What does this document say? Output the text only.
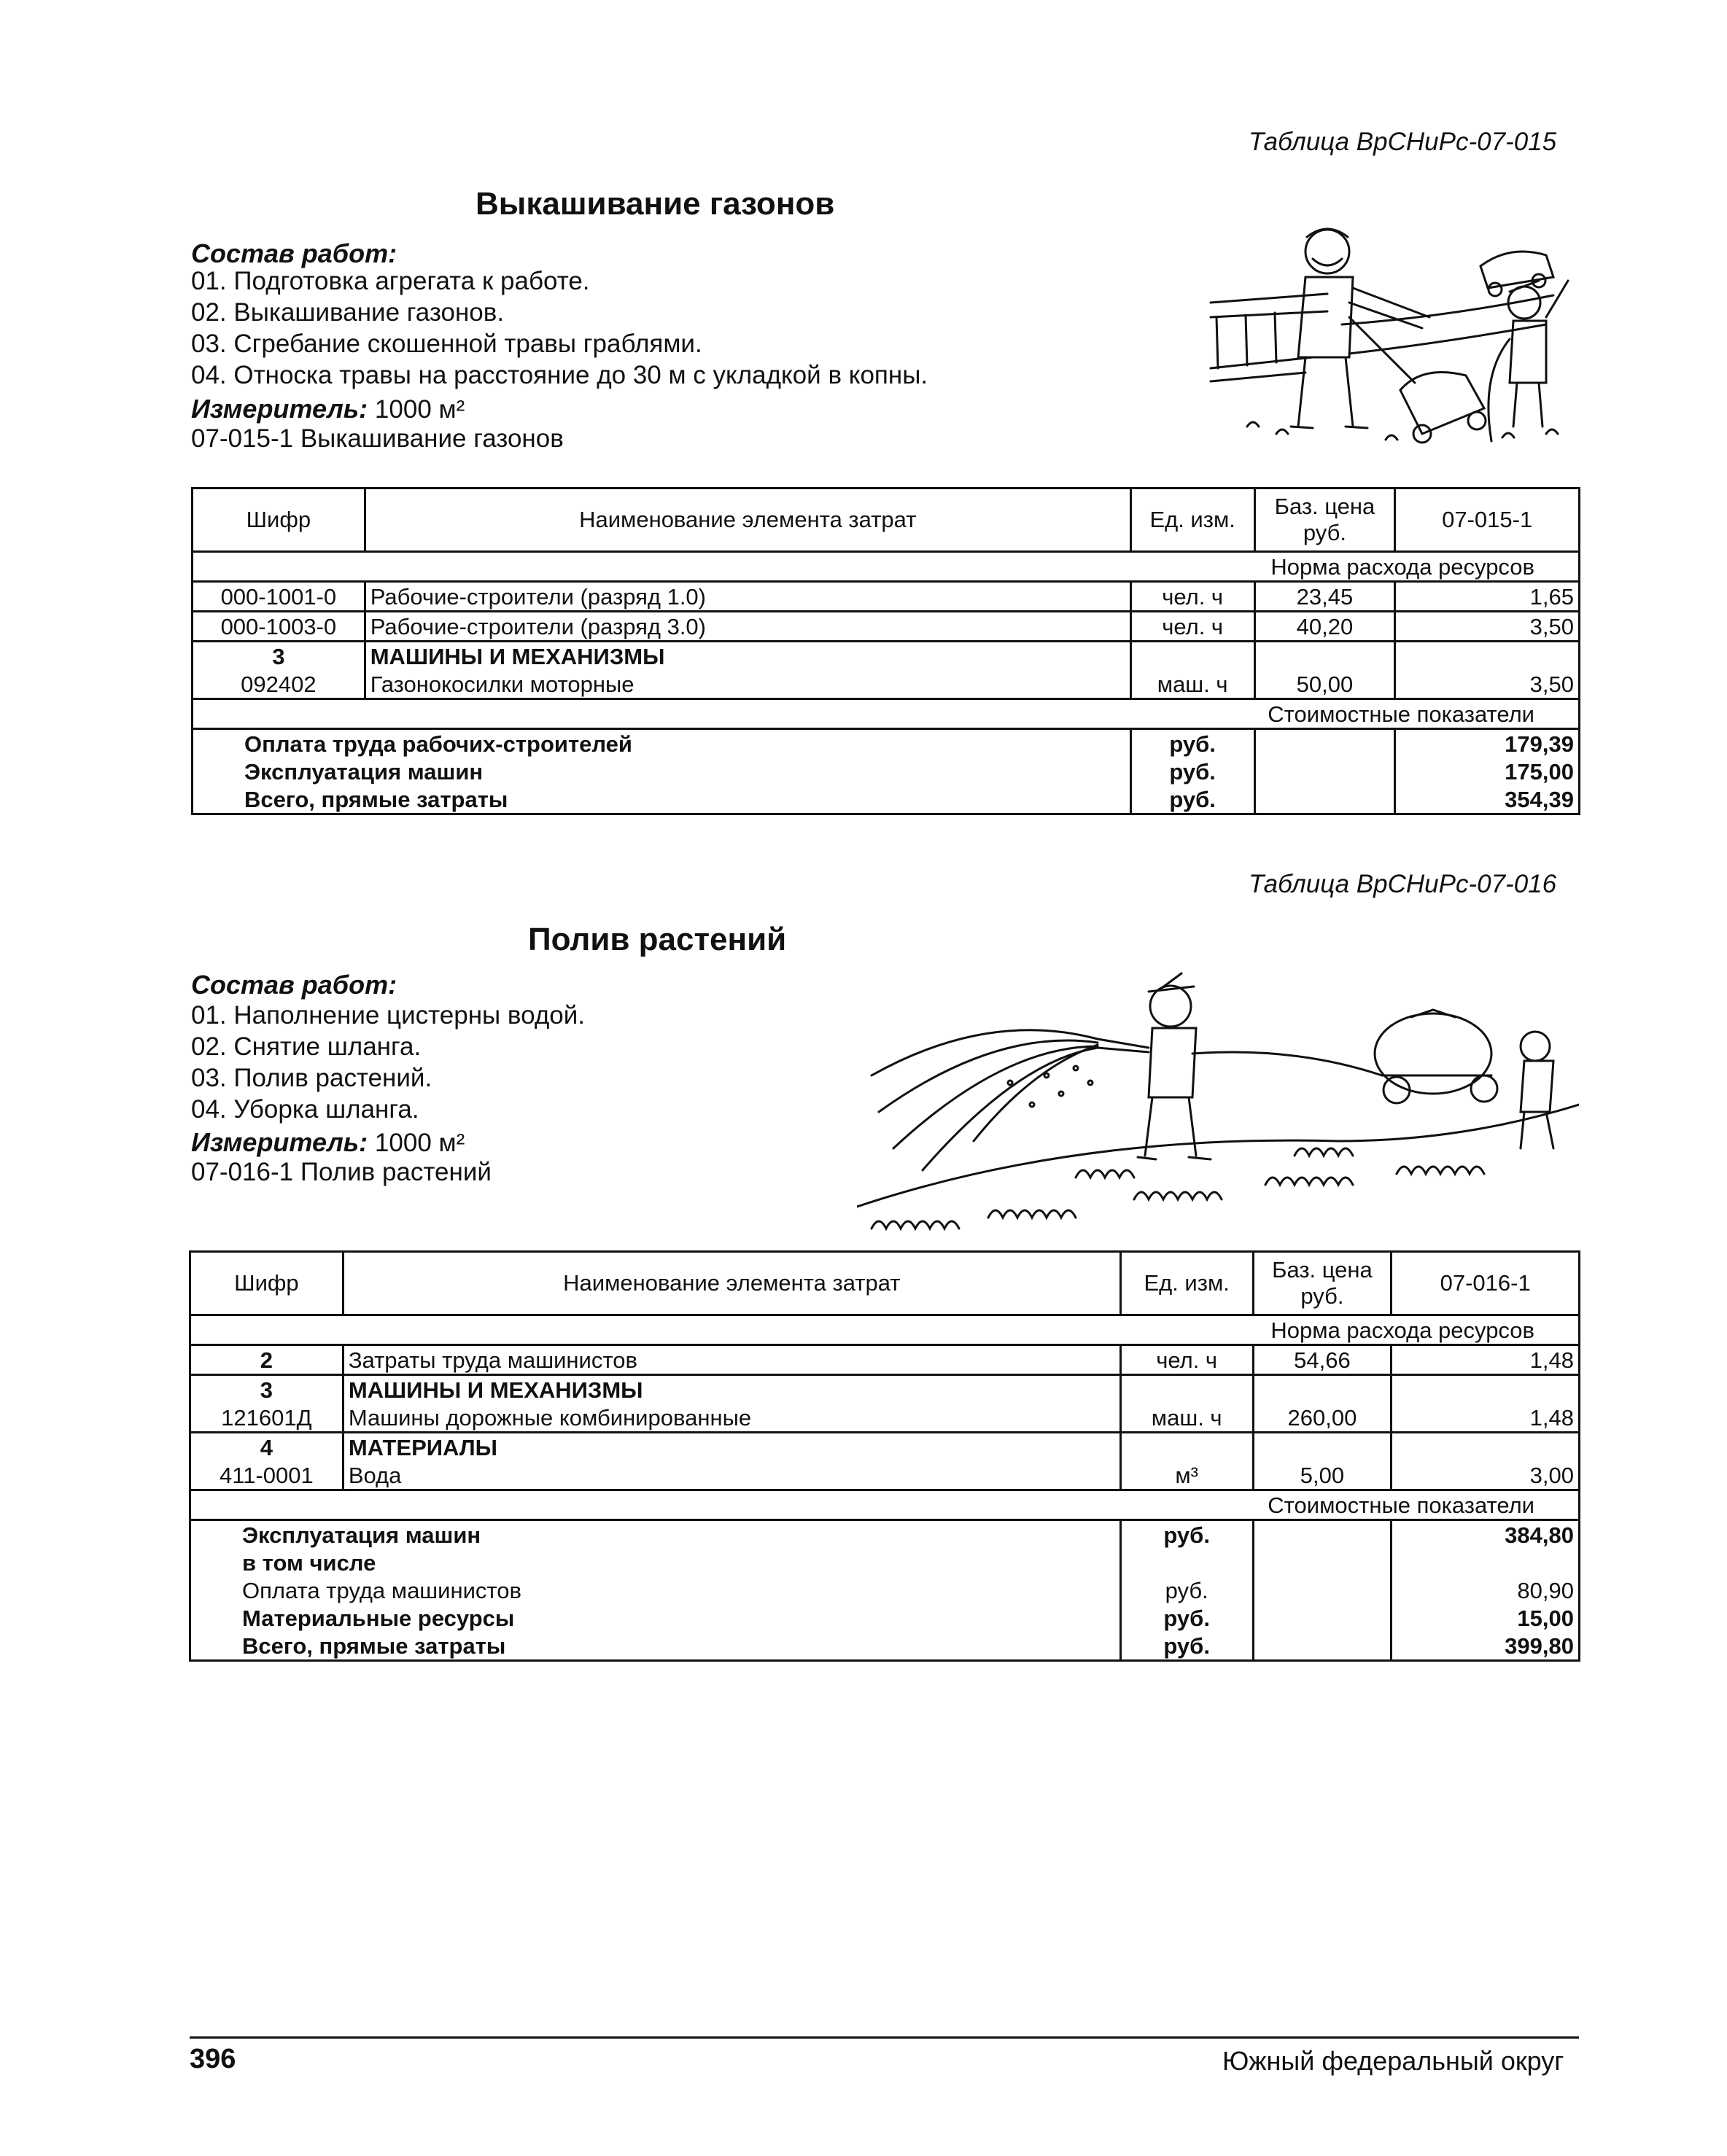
Таблица ВрСНиРс-07-015
Выкашивание газонов
Состав работ:
01. Подготовка агрегата к работе.
02. Выкашивание газонов.
03. Сгребание скошенной травы граблями.
04. Относка травы на расстояние до 30 м с укладкой в копны.
Измеритель: 1000 м²
07-015-1 Выкашивание газонов
Шифр	Наименование элемента затрат	Ед. изм.	Баз. цена руб.	07-015-1
Норма расхода ресурсов				
000-1001-0	Рабочие-строители (разряд 1.0)	чел. ч	23,45	1,65
000-1003-0	Рабочие-строители (разряд 3.0)	чел. ч	40,20	3,50
3	МАШИНЫ И МЕХАНИЗМЫ			
092402	Газонокосилки моторные	маш. ч	50,00	3,50
Стоимостные показатели				
Оплата труда рабочих-строителей		руб.		179,39
Эксплуатация машин		руб.		175,00
Всего, прямые затраты		руб.		354,39
Таблица ВрСНиРс-07-016
Полив растений
Состав работ:
01. Наполнение цистерны водой.
02. Снятие шланга.
03. Полив растений.
04. Уборка шланга.
Измеритель: 1000 м²
07-016-1 Полив растений
Шифр	Наименование элемента затрат	Ед. изм.	Баз. цена руб.	07-016-1
Норма расхода ресурсов				
2	Затраты труда машинистов	чел. ч	54,66	1,48
3	МАШИНЫ И МЕХАНИЗМЫ			
121601Д	Машины дорожные комбинированные	маш. ч	260,00	1,48
4	МАТЕРИАЛЫ			
411-0001	Вода	м³	5,00	3,00
Стоимостные показатели				
Эксплуатация машин		руб.		384,80
в том числе				
Оплата труда машинистов		руб.		80,90
Материальные ресурсы		руб.		15,00
Всего, прямые затраты		руб.		399,80
396	Южный федеральный округ
